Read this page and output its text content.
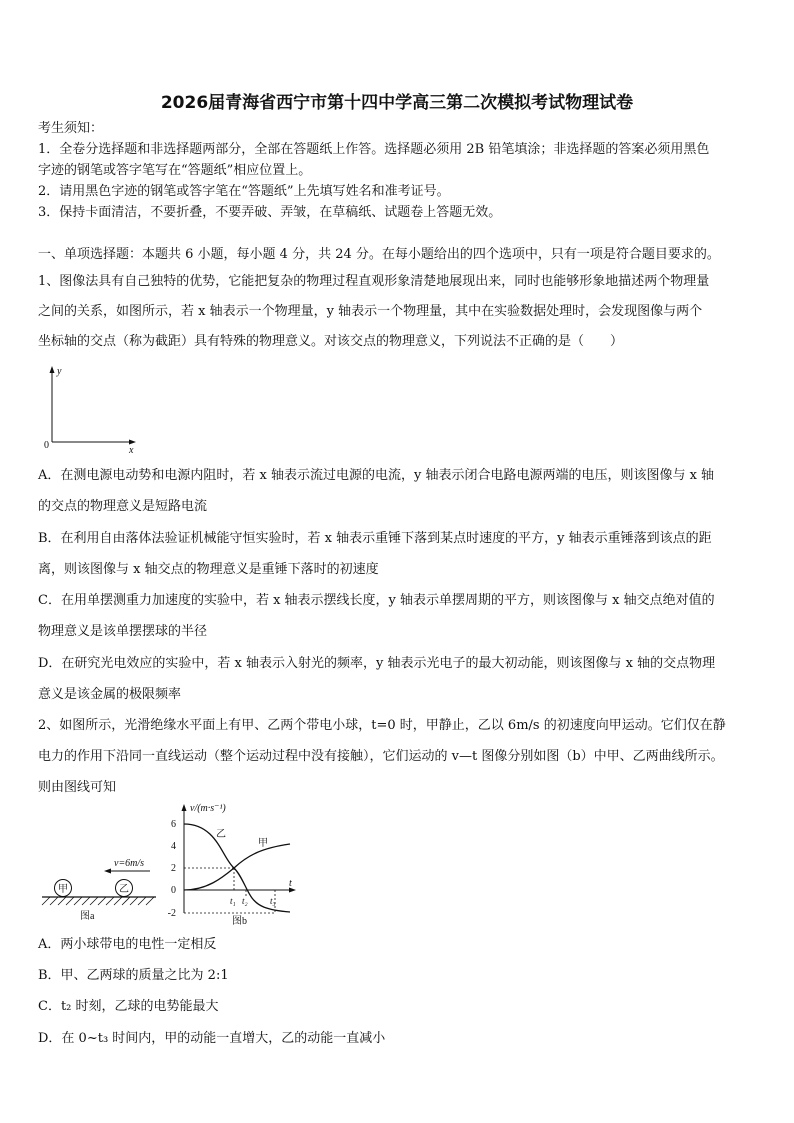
2026届青海省西宁市第十四中学高三第二次模拟考试物理试卷
考生须知：
1．全卷分选择题和非选择题两部分，全部在答题纸上作答。选择题必须用 2B 铅笔填涂；非选择题的答案必须用黑色
字迹的钢笔或答字笔写在“答题纸”相应位置上。
2．请用黑色字迹的钢笔或答字笔在“答题纸”上先填写姓名和准考证号。
3．保持卡面清洁，不要折叠，不要弄破、弄皱，在草稿纸、试题卷上答题无效。
一、单项选择题：本题共 6 小题，每小题 4 分，共 24 分。在每小题给出的四个选项中，只有一项是符合题目要求的。
1、图像法具有自己独特的优势，它能把复杂的物理过程直观形象清楚地展现出来，同时也能够形象地描述两个物理量
之间的关系，如图所示，若 x 轴表示一个物理量，y 轴表示一个物理量，其中在实验数据处理时，会发现图像与两个
坐标轴的交点（称为截距）具有特殊的物理意义。对该交点的物理意义，下列说法不正确的是（　　）
y
x
0
A．在测电源电动势和电源内阻时，若 x 轴表示流过电源的电流，y 轴表示闭合电路电源两端的电压，则该图像与 x 轴
的交点的物理意义是短路电流
B．在利用自由落体法验证机械能守恒实验时，若 x 轴表示重锤下落到某点时速度的平方，y 轴表示重锤落到该点的距
离，则该图像与 x 轴交点的物理意义是重锤下落时的初速度
C．在用单摆测重力加速度的实验中，若 x 轴表示摆线长度，y 轴表示单摆周期的平方，则该图像与 x 轴交点绝对值的
物理意义是该单摆摆球的半径
D．在研究光电效应的实验中，若 x 轴表示入射光的频率，y 轴表示光电子的最大初动能，则该图像与 x 轴的交点物理
意义是该金属的极限频率
2、如图所示，光滑绝缘水平面上有甲、乙两个带电小球，t=0 时，甲静止，乙以 6m/s 的初速度向甲运动。它们仅在静
电力的作用下沿同一直线运动（整个运动过程中没有接触），它们运动的 v—t 图像分别如图（b）中甲、乙两曲线所示。
则由图线可知
甲	乙
v=6m/s
图a
v/(m·s⁻¹)
t
6
4
2
0
-2
t₁ t₂ t₃
乙
甲
图b
A．两小球带电的电性一定相反
B．甲、乙两球的质量之比为 2:1
C．t₂ 时刻，乙球的电势能最大
D．在 0~t₃ 时间内，甲的动能一直增大，乙的动能一直减小
